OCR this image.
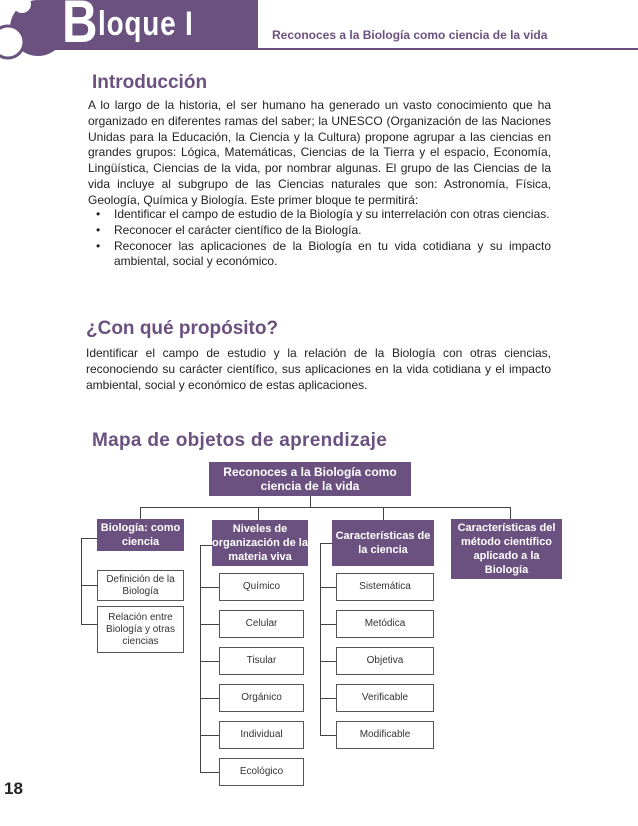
B loque I	Reconoces a la Biología como ciencia de la vida
Introducción
A lo largo de la historia, el ser humano ha generado un vasto conocimiento que ha organizado en diferentes ramas del saber; la UNESCO (Organización de las Naciones Unidas para la Educación, la Ciencia y la Cultura) propone agrupar a las ciencias en grandes grupos: Lógica, Matemáticas, Ciencias de la Tierra y el espacio, Economía, Lingüística, Ciencias de la vida, por nombrar algunas. El grupo de las Ciencias de la vida incluye al subgrupo de las Ciencias naturales que son: Astronomía, Física, Geología, Química y Biología. Este primer bloque te permitirá:
• Identificar el campo de estudio de la Biología y su interrelación con otras ciencias.
• Reconocer el carácter científico de la Biología.
• Reconocer las aplicaciones de la Biología en tu vida cotidiana y su impacto ambiental, social y económico.
¿Con qué propósito?
Identificar el campo de estudio y la relación de la Biología con otras ciencias, reconociendo su carácter científico, sus aplicaciones en la vida cotidiana y el impacto ambiental, social y económico de estas aplicaciones.
Mapa de objetos de aprendizaje
Reconoces a la Biología como ciencia de la vida
Biología: como ciencia
Niveles de organización de la materia viva
Características de la ciencia
Características del método científico aplicado a la Biología
Definición de la Biología
Relación entre Biología y otras ciencias
Químico
Celular
Tisular
Orgánico
Individual
Ecológico
Sistemática
Metódica
Objetiva
Verificable
Modificable
18
